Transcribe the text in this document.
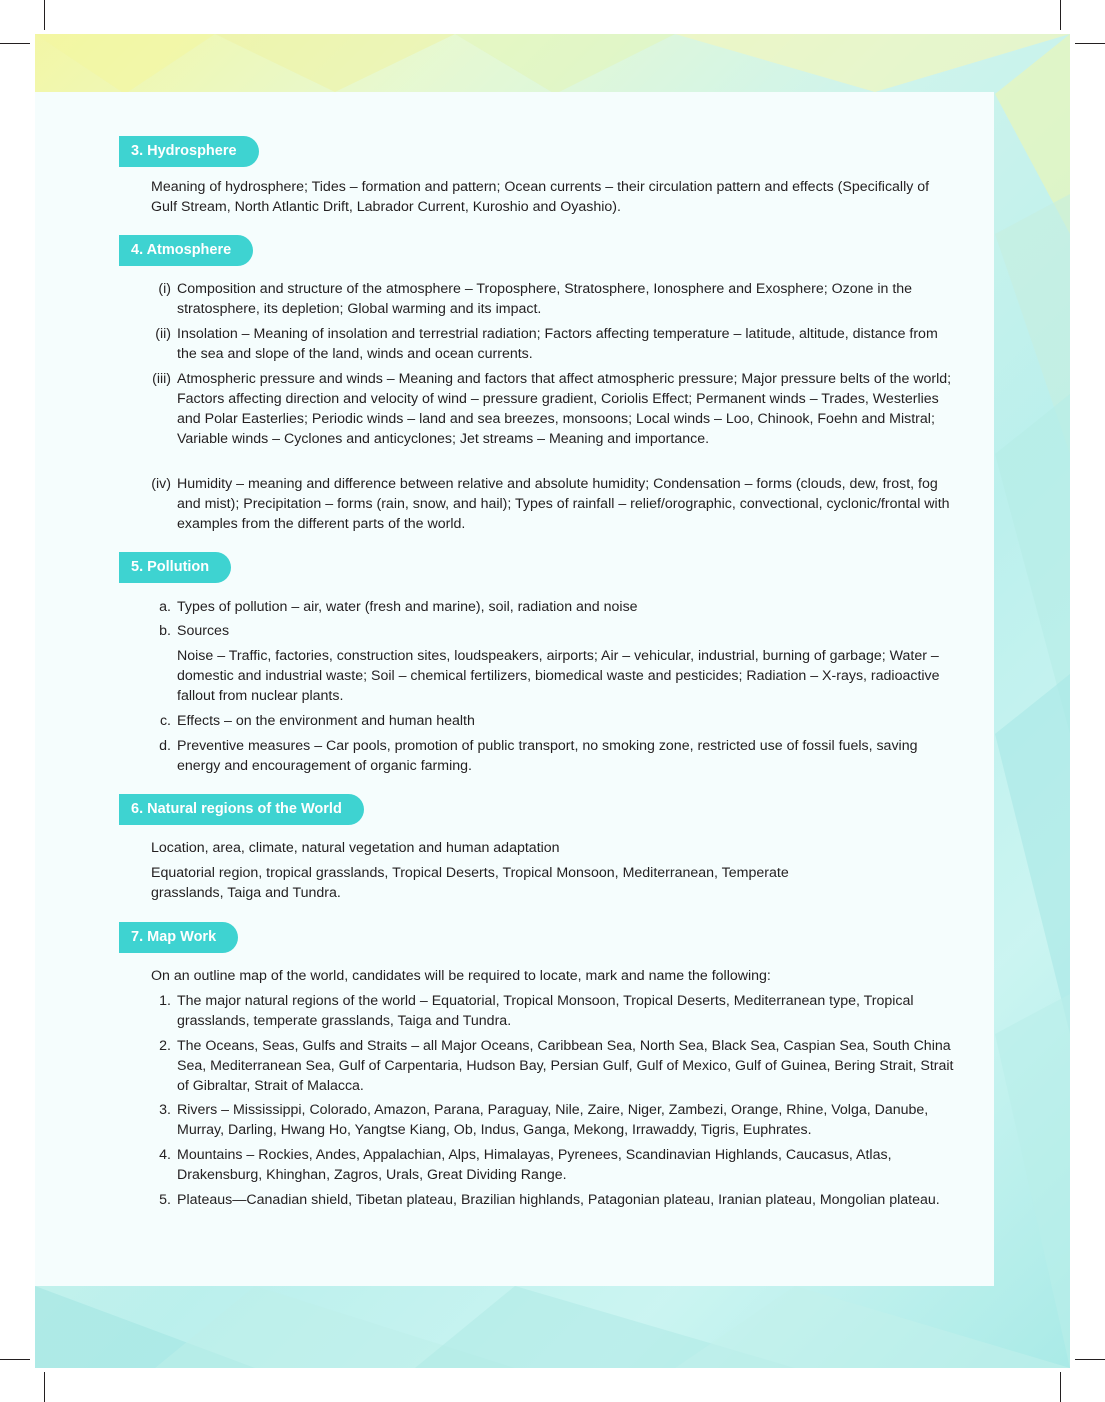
3. Hydrosphere
Meaning of hydrosphere; Tides – formation and pattern; Ocean currents – their circulation pattern and effects (Specifically of Gulf Stream, North Atlantic Drift, Labrador Current, Kuroshio and Oyashio).
4. Atmosphere
(i) Composition and structure of the atmosphere – Troposphere, Stratosphere, Ionosphere and Exosphere; Ozone in the stratosphere, its depletion; Global warming and its impact.
(ii) Insolation – Meaning of insolation and terrestrial radiation; Factors affecting temperature – latitude, altitude, distance from the sea and slope of the land, winds and ocean currents.
(iii) Atmospheric pressure and winds – Meaning and factors that affect atmospheric pressure; Major pressure belts of the world; Factors affecting direction and velocity of wind – pressure gradient, Coriolis Effect; Permanent winds – Trades, Westerlies and Polar Easterlies; Periodic winds – land and sea breezes, monsoons; Local winds – Loo, Chinook, Foehn and Mistral; Variable winds – Cyclones and anticyclones; Jet streams – Meaning and importance.
(iv) Humidity – meaning and difference between relative and absolute humidity; Condensation – forms (clouds, dew, frost, fog and mist); Precipitation – forms (rain, snow, and hail); Types of rainfall – relief/orographic, convectional, cyclonic/frontal with examples from the different parts of the world.
5. Pollution
a. Types of pollution – air, water (fresh and marine), soil, radiation and noise
b. Sources
Noise – Traffic, factories, construction sites, loudspeakers, airports; Air – vehicular, industrial, burning of garbage; Water – domestic and industrial waste; Soil – chemical fertilizers, biomedical waste and pesticides; Radiation – X-rays, radioactive fallout from nuclear plants.
c. Effects – on the environment and human health
d. Preventive measures – Car pools, promotion of public transport, no smoking zone, restricted use of fossil fuels, saving energy and encouragement of organic farming.
6. Natural regions of the World
Location, area, climate, natural vegetation and human adaptation
Equatorial region, tropical grasslands, Tropical Deserts, Tropical Monsoon, Mediterranean, Temperate grasslands, Taiga and Tundra.
7. Map Work
On an outline map of the world, candidates will be required to locate, mark and name the following:
1. The major natural regions of the world – Equatorial, Tropical Monsoon, Tropical Deserts, Mediterranean type, Tropical grasslands, temperate grasslands, Taiga and Tundra.
2. The Oceans, Seas, Gulfs and Straits – all Major Oceans, Caribbean Sea, North Sea, Black Sea, Caspian Sea, South China Sea, Mediterranean Sea, Gulf of Carpentaria, Hudson Bay, Persian Gulf, Gulf of Mexico, Gulf of Guinea, Bering Strait, Strait of Gibraltar, Strait of Malacca.
3. Rivers – Mississippi, Colorado, Amazon, Parana, Paraguay, Nile, Zaire, Niger, Zambezi, Orange, Rhine, Volga, Danube, Murray, Darling, Hwang Ho, Yangtse Kiang, Ob, Indus, Ganga, Mekong, Irrawaddy, Tigris, Euphrates.
4. Mountains – Rockies, Andes, Appalachian, Alps, Himalayas, Pyrenees, Scandinavian Highlands, Caucasus, Atlas, Drakensburg, Khinghan, Zagros, Urals, Great Dividing Range.
5. Plateaus—Canadian shield, Tibetan plateau, Brazilian highlands, Patagonian plateau, Iranian plateau, Mongolian plateau.
